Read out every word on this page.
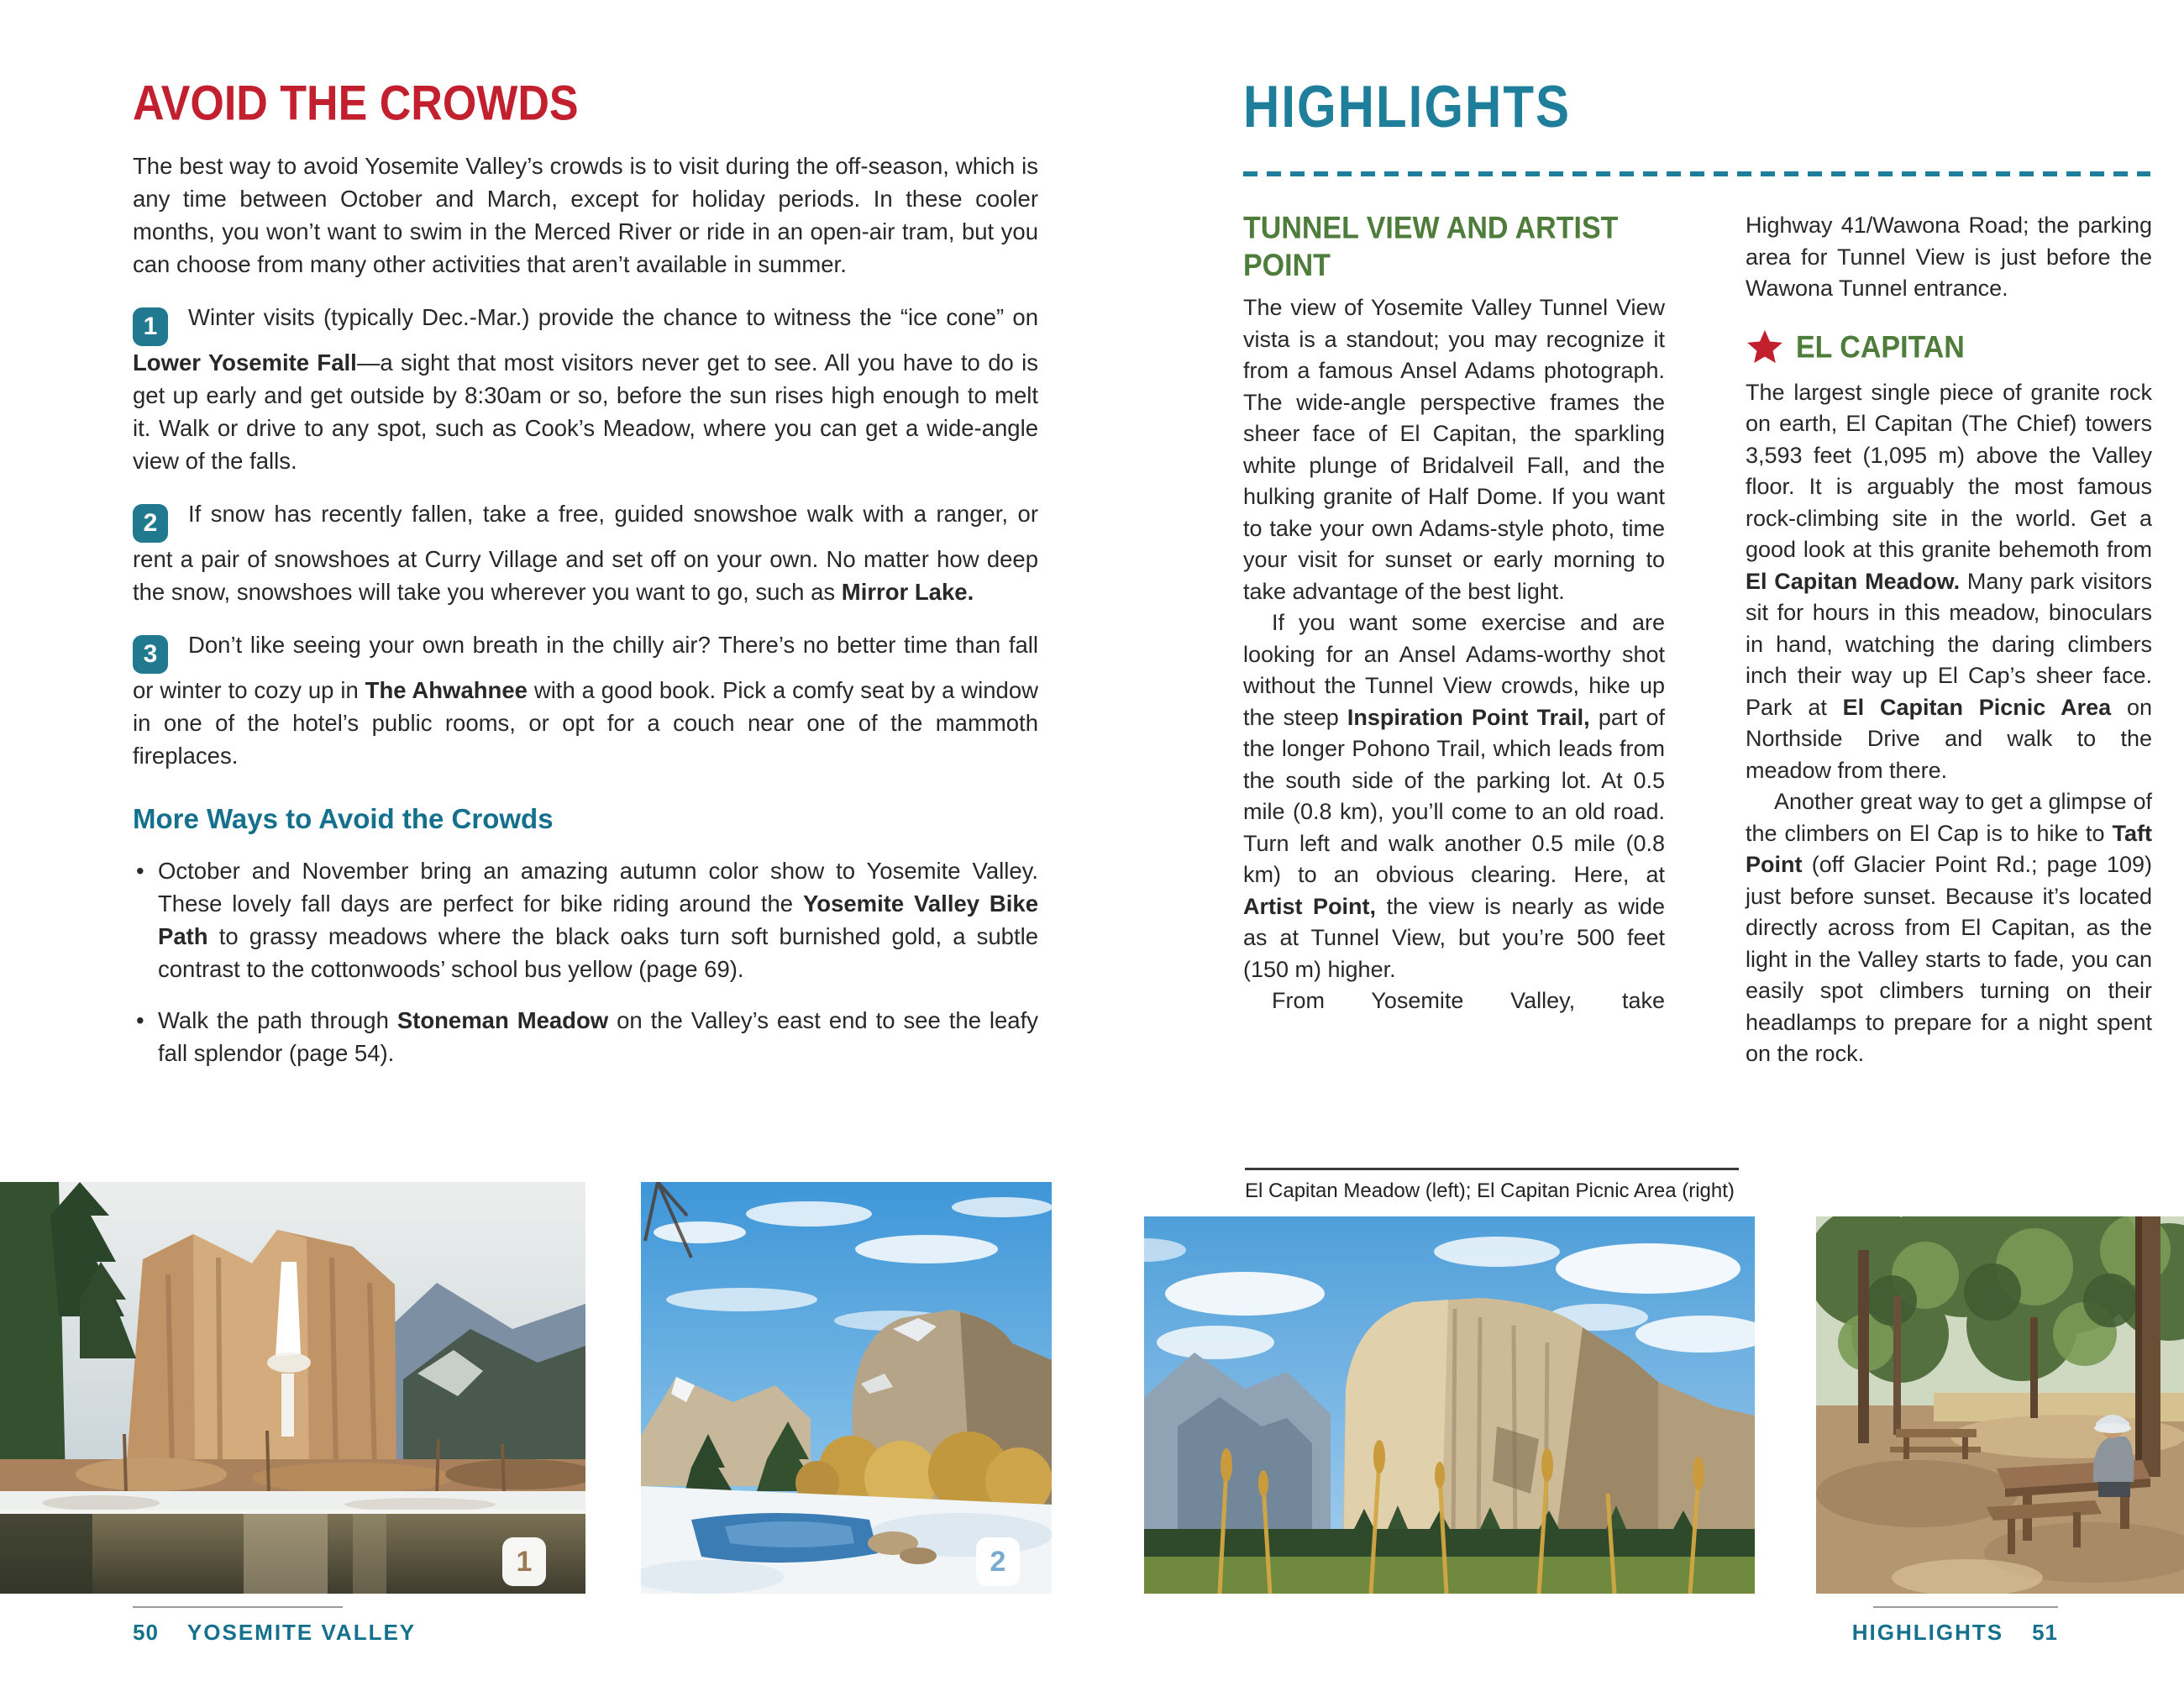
AVOID THE CROWDS

The best way to avoid Yosemite Valley’s crowds is to visit during the off-season, which is any time between October and March, except for holiday periods. In these cooler months, you won’t want to swim in the Merced River or ride in an open-air tram, but you can choose from many other activities that aren’t available in summer.

1 Winter visits (typically Dec.-Mar.) provide the chance to witness the “ice cone” on Lower Yosemite Fall—a sight that most visitors never get to see. All you have to do is get up early and get outside by 8:30am or so, before the sun rises high enough to melt it. Walk or drive to any spot, such as Cook’s Meadow, where you can get a wide-angle view of the falls.

2 If snow has recently fallen, take a free, guided snowshoe walk with a ranger, or rent a pair of snowshoes at Curry Village and set off on your own. No matter how deep the snow, snowshoes will take you wherever you want to go, such as Mirror Lake.

3 Don’t like seeing your own breath in the chilly air? There’s no better time than fall or winter to cozy up in The Ahwahnee with a good book. Pick a comfy seat by a window in one of the hotel’s public rooms, or opt for a couch near one of the mammoth fireplaces.

More Ways to Avoid the Crowds
• October and November bring an amazing autumn color show to Yosemite Valley. These lovely fall days are perfect for bike riding around the Yosemite Valley Bike Path to grassy meadows where the black oaks turn soft burnished gold, a subtle contrast to the cottonwoods’ school bus yellow (page 69).
• Walk the path through Stoneman Meadow on the Valley’s east end to see the leafy fall splendor (page 54).
HIGHLIGHTS
TUNNEL VIEW AND ARTIST POINT

The view of Yosemite Valley Tunnel View vista is a standout; you may recognize it from a famous Ansel Adams photograph. The wide-angle perspective frames the sheer face of El Capitan, the sparkling white plunge of Bridalveil Fall, and the hulking granite of Half Dome. If you want to take your own Adams-style photo, time your visit for sunset or early morning to take advantage of the best light.

If you want some exercise and are looking for an Ansel Adams-worthy shot without the Tunnel View crowds, hike up the steep Inspiration Point Trail, part of the longer Pohono Trail, which leads from the south side of the parking lot. At 0.5 mile (0.8 km), you’ll come to an old road. Turn left and walk another 0.5 mile (0.8 km) to an obvious clearing. Here, at Artist Point, the view is nearly as wide as at Tunnel View, but you’re 500 feet (150 m) higher.

From Yosemite Valley, take

Highway 41/Wawona Road; the parking area for Tunnel View is just before the Wawona Tunnel entrance.

EL CAPITAN

The largest single piece of granite rock on earth, El Capitan (The Chief) towers 3,593 feet (1,095 m) above the Valley floor. It is arguably the most famous rock-climbing site in the world. Get a good look at this granite behemoth from El Capitan Meadow. Many park visitors sit for hours in this meadow, binoculars in hand, watching the daring climbers inch their way up El Cap’s sheer face. Park at El Capitan Picnic Area on Northside Drive and walk to the meadow from there.

Another great way to get a glimpse of the climbers on El Cap is to hike to Taft Point (off Glacier Point Rd.; page 109) just before sunset. Because it’s located directly across from El Capitan, as the light in the Valley starts to fade, you can easily spot climbers turning on their headlamps to prepare for a night spent on the rock.

El Capitan Meadow (left); El Capitan Picnic Area (right)
1	2
50 YOSEMITE VALLEY	HIGHLIGHTS 51
